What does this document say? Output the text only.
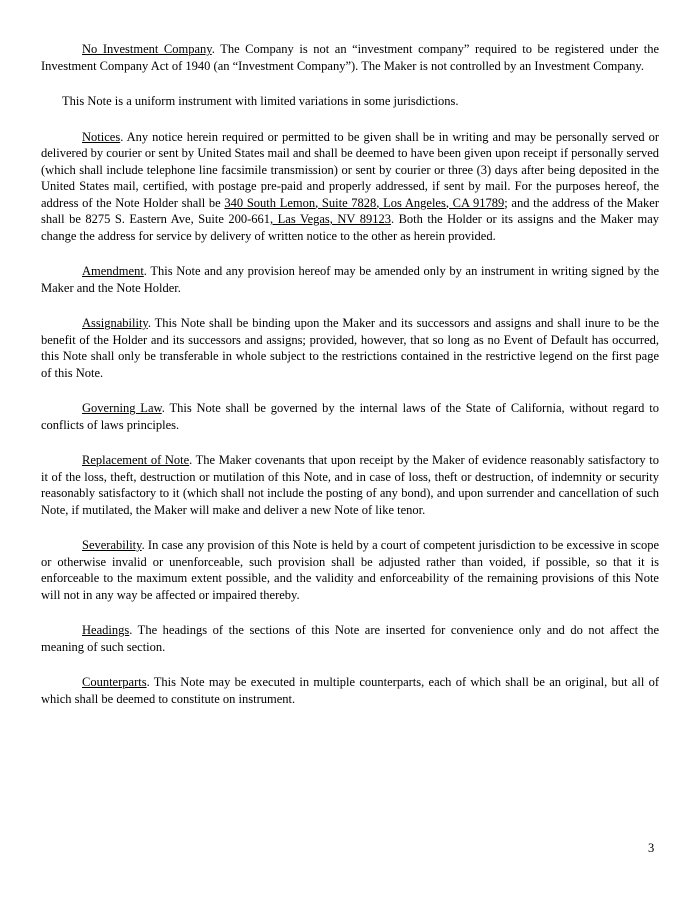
No Investment Company. The Company is not an “investment company” required to be registered under the Investment Company Act of 1940 (an “Investment Company”). The Maker is not controlled by an Investment Company.

This Note is a uniform instrument with limited variations in some jurisdictions.

Notices. Any notice herein required or permitted to be given shall be in writing and may be personally served or delivered by courier or sent by United States mail and shall be deemed to have been given upon receipt if personally served (which shall include telephone line facsimile transmission) or sent by courier or three (3) days after being deposited in the United States mail, certified, with postage pre-paid and properly addressed, if sent by mail. For the purposes hereof, the address of the Note Holder shall be 340 South Lemon, Suite 7828, Los Angeles, CA 91789; and the address of the Maker shall be 8275 S. Eastern Ave, Suite 200-661, Las Vegas, NV 89123. Both the Holder or its assigns and the Maker may change the address for service by delivery of written notice to the other as herein provided.

Amendment. This Note and any provision hereof may be amended only by an instrument in writing signed by the Maker and the Note Holder.

Assignability. This Note shall be binding upon the Maker and its successors and assigns and shall inure to be the benefit of the Holder and its successors and assigns; provided, however, that so long as no Event of Default has occurred, this Note shall only be transferable in whole subject to the restrictions contained in the restrictive legend on the first page of this Note.

Governing Law. This Note shall be governed by the internal laws of the State of California, without regard to conflicts of laws principles.

Replacement of Note. The Maker covenants that upon receipt by the Maker of evidence reasonably satisfactory to it of the loss, theft, destruction or mutilation of this Note, and in case of loss, theft or destruction, of indemnity or security reasonably satisfactory to it (which shall not include the posting of any bond), and upon surrender and cancellation of such Note, if mutilated, the Maker will make and deliver a new Note of like tenor.

Severability. In case any provision of this Note is held by a court of competent jurisdiction to be excessive in scope or otherwise invalid or unenforceable, such provision shall be adjusted rather than voided, if possible, so that it is enforceable to the maximum extent possible, and the validity and enforceability of the remaining provisions of this Note will not in any way be affected or impaired thereby.

Headings. The headings of the sections of this Note are inserted for convenience only and do not affect the meaning of such section.

Counterparts. This Note may be executed in multiple counterparts, each of which shall be an original, but all of which shall be deemed to constitute on instrument.

3
